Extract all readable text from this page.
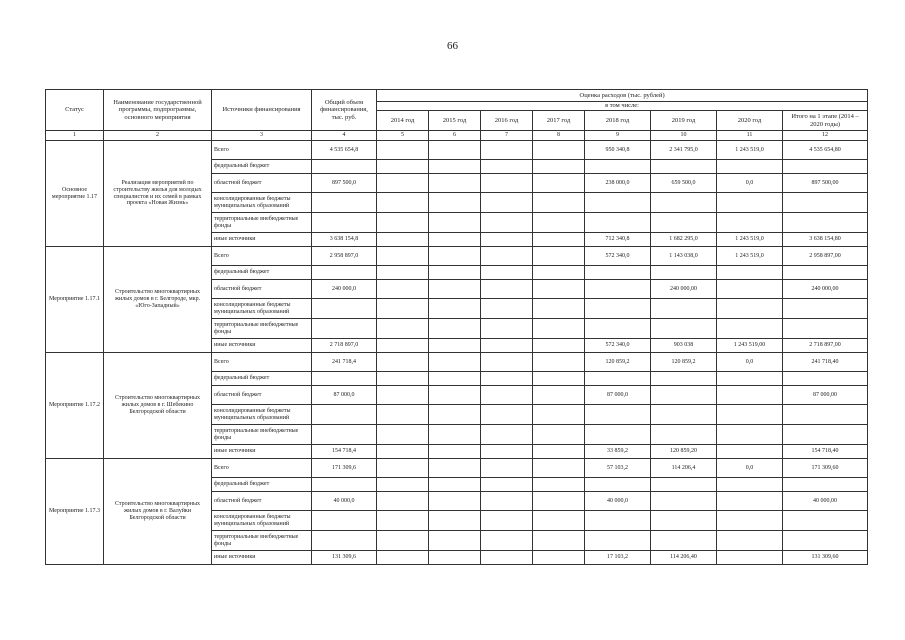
66
Статус	Наименование государственной программы, подпрограммы, основного мероприятия	Источники финансирования	Общий объем финансирования, тыс. руб.	Оценка расходов (тыс. рублей)							
				в том числе:							
				2014 год	2015 год	2016 год	2017 год	2018 год	2019 год	2020 год	Итого на 1 этапе (2014 – 2020 годы)
1	2	3	4	5	6	7	8	9	10	11	12
Основное мероприятие 1.17	Реализация мероприятий по строительству жилья для молодых специалистов и их семей в рамках проекта «Новая Жизнь»	Всего	4 535 654,8					950 340,8	2 341 795,0	1 243 519,0	4 535 654,80
		федеральный бюджет									
		областной бюджет	897 500,0					238 000,0	659 500,0	0,0	897 500,00
		консолидированные бюджеты муниципальных образований									
		территориальные внебюджетные фонды									
		иные источники	3 638 154,8					712 340,8	1 682 295,0	1 243 519,0	3 638 154,80
Мероприятие 1.17.1	Строительство многоквартирных жилых домов в г. Белгороде, мкр. «Юго-Западный»	Всего	2 958 897,0					572 340,0	1 143 038,0	1 243 519,0	2 958 897,00
		федеральный бюджет									
		областной бюджет	240 000,0						240 000,00		240 000,00
		консолидированные бюджеты муниципальных образований									
		территориальные внебюджетные фонды									
		иные источники	2 718 897,0					572 340,0	903 038	1 243 519,00	2 718 897,00
Мероприятие 1.17.2	Строительство многоквартирных жилых домов в г. Шебекино Белгородской области	Всего	241 718,4					120 859,2	120 859,2	0,0	241 718,40
		федеральный бюджет									
		областной бюджет	87 000,0					87 000,0			87 000,00
		консолидированные бюджеты муниципальных образований									
		территориальные внебюджетные фонды									
		иные источники	154 718,4					33 859,2	120 859,20		154 718,40
Мероприятие 1.17.3	Строительство многоквартирных жилых домов в г. Валуйки Белгородской области	Всего	171 309,6					57 103,2	114 206,4	0,0	171 309,60
		федеральный бюджет									
		областной бюджет	40 000,0					40 000,0			40 000,00
		консолидированные бюджеты муниципальных образований									
		территориальные внебюджетные фонды									
		иные источники	131 309,6					17 103,2	114 206,40		131 309,60
